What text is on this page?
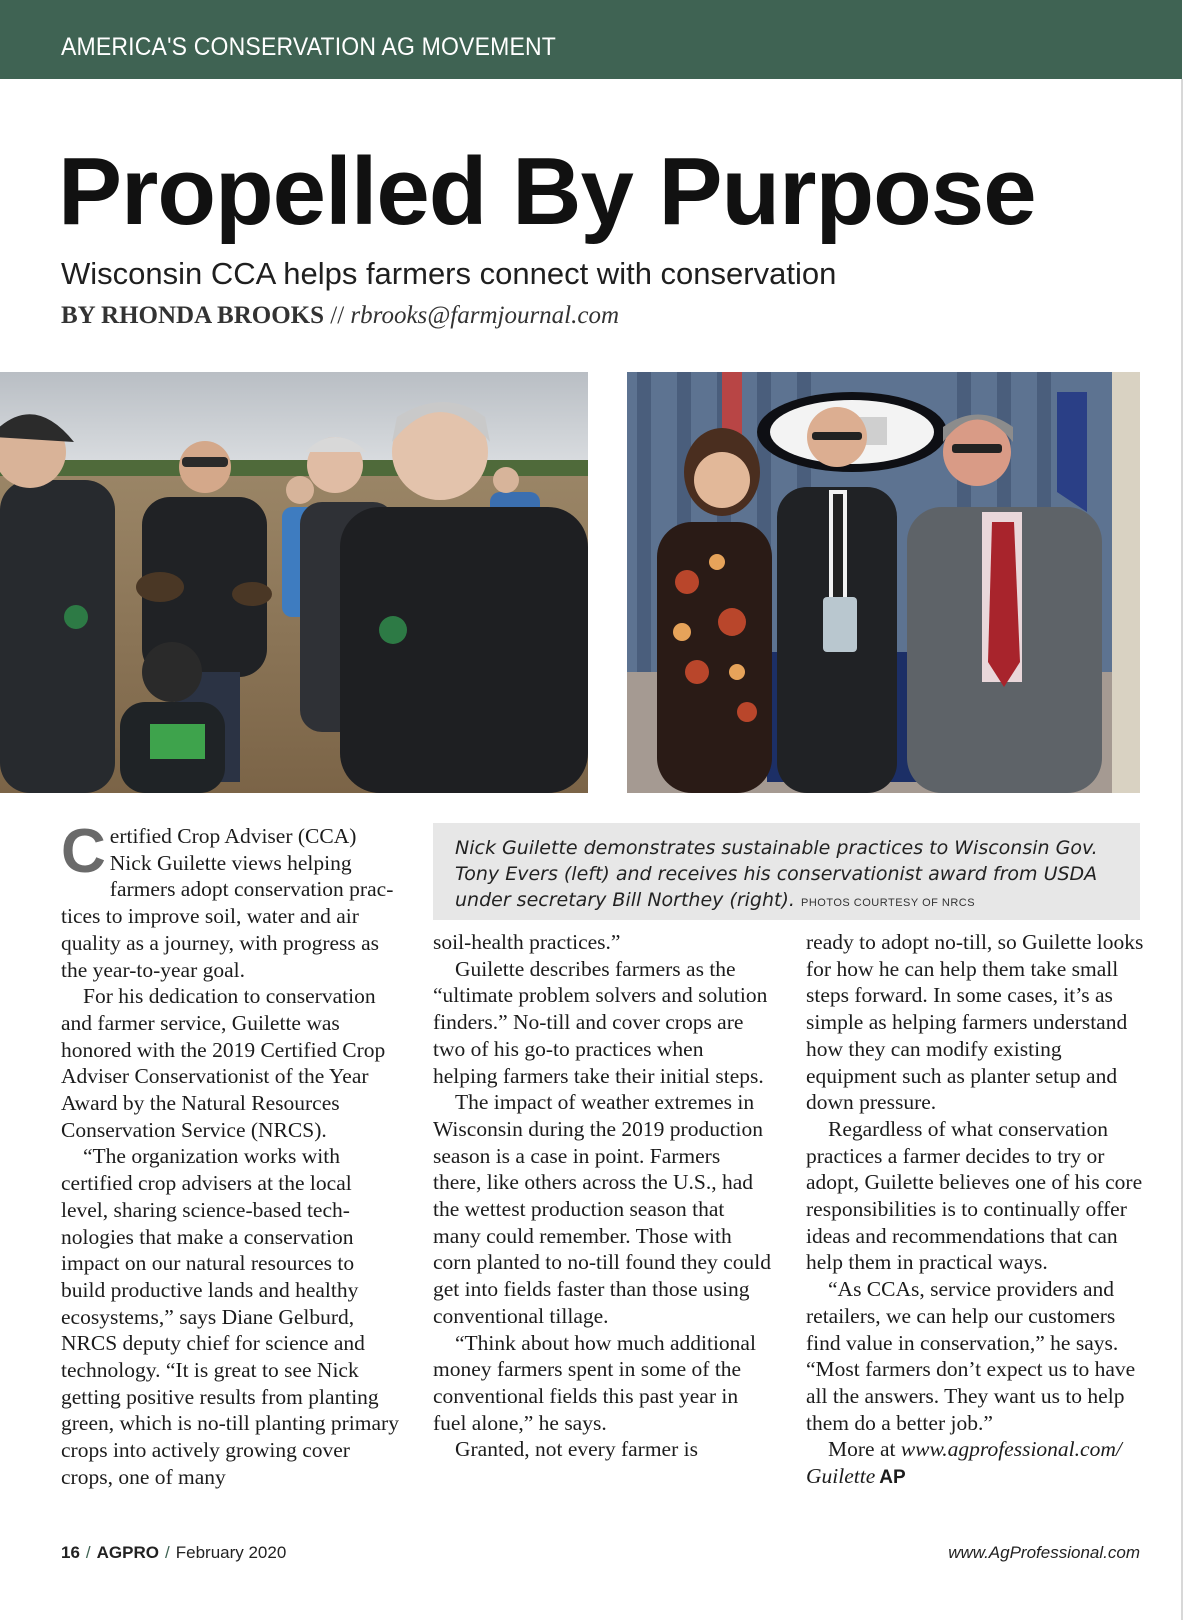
AMERICA'S CONSERVATION AG MOVEMENT
Propelled By Purpose
Wisconsin CCA helps farmers connect with conservation
BY RHONDA BROOKS // rbrooks@farmjournal.com
Nick Guilette demonstrates sustainable practices to Wisconsin Gov. Tony Evers (left) and receives his conservationist award from USDA under secretary Bill Northey (right). PHOTOS COURTESY OF NRCS

Certified Crop Adviser (CCA) Nick Guilette views helping farmers adopt conservation practices to improve soil, water and air quality as a journey, with progress as the year-to-year goal.

For his dedication to conservation and farmer service, Guilette was honored with the 2019 Certified Crop Adviser Conservationist of the Year Award by the Natural Resources Conservation Service (NRCS).

“The organization works with certified crop advisers at the local level, sharing science-based technologies that make a conservation impact on our natural resources to build productive lands and healthy ecosystems,” says Diane Gelburd, NRCS deputy chief for science and technology. “It is great to see Nick getting positive results from planting green, which is no-till planting primary crops into actively growing cover crops, one of many

soil-health practices.”

Guilette describes farmers as the “ultimate problem solvers and solution finders.” No-till and cover crops are two of his go-to practices when helping farmers take their initial steps.

The impact of weather extremes in Wisconsin during the 2019 production season is a case in point. Farmers there, like others across the U.S., had the wettest production season that many could remember. Those with corn planted to no-till found they could get into fields faster than those using conventional tillage.

“Think about how much additional money farmers spent in some of the conventional fields this past year in fuel alone,” he says.

Granted, not every farmer is

ready to adopt no-till, so Guilette looks for how he can help them take small steps forward. In some cases, it’s as simple as helping farmers understand how they can modify existing equipment such as planter setup and down pressure.

Regardless of what conservation practices a farmer decides to try or adopt, Guilette believes one of his core responsibilities is to continually offer ideas and recommendations that can help them in practical ways.

“As CCAs, service providers and retailers, we can help our customers find value in conservation,” he says. “Most farmers don’t expect us to have all the answers. They want us to help them do a better job.”

More at www.agprofessional.com/ Guilette AP

16 / AGPRO / February 2020	www.AgProfessional.com
